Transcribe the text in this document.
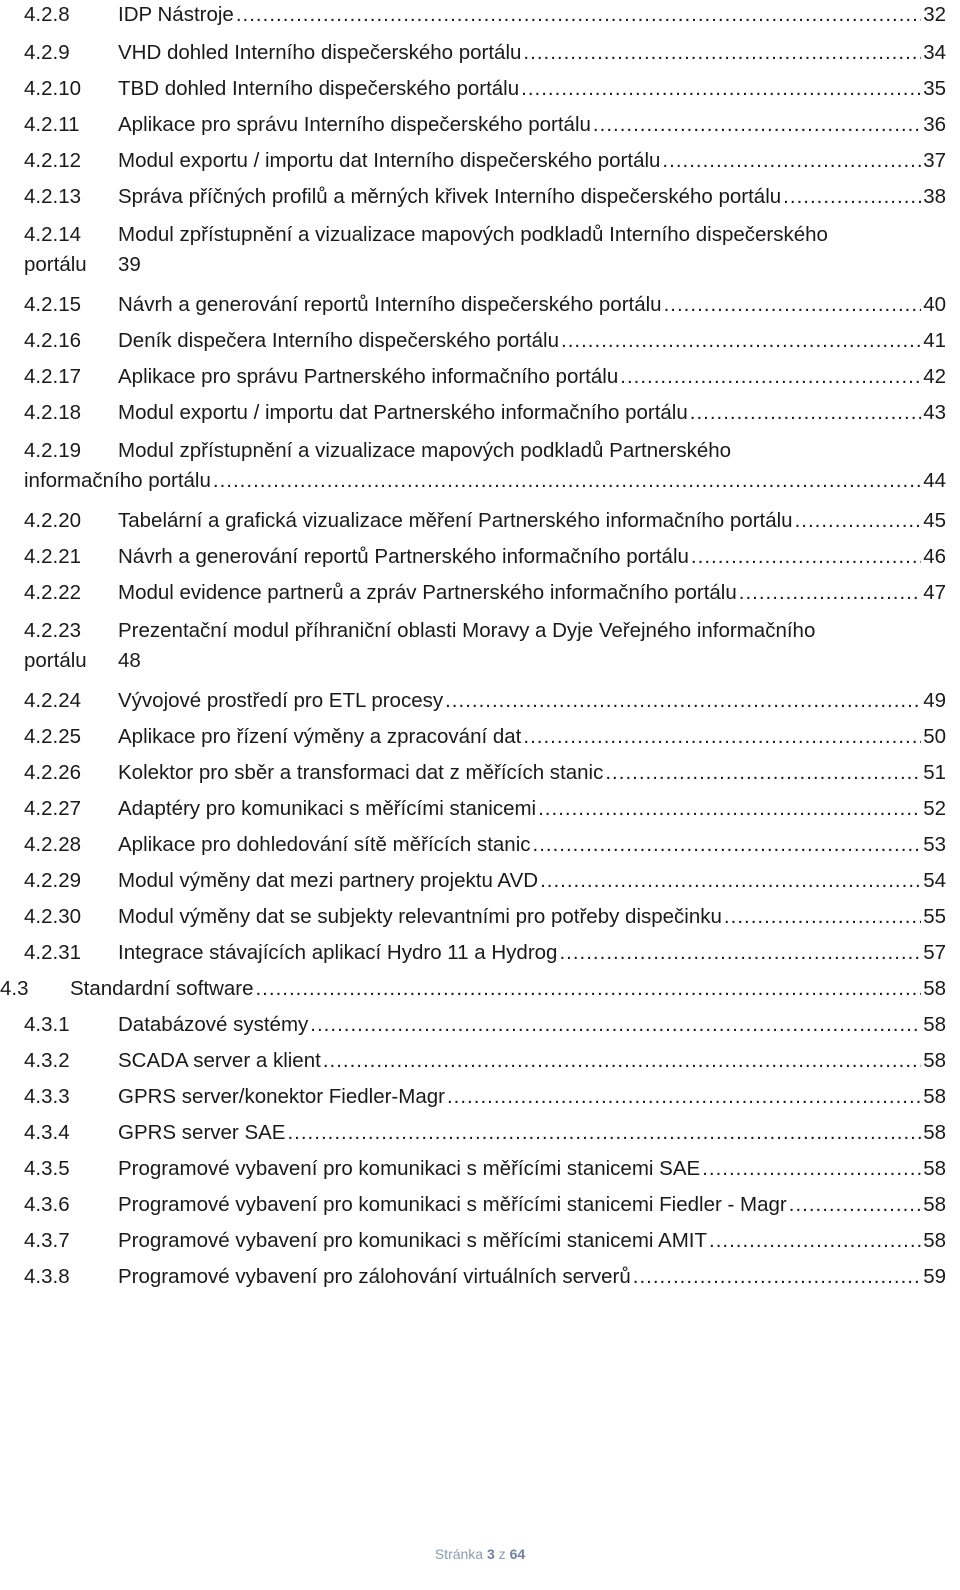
4.2.8 IDP Nástroje .....	32
4.2.9 VHD dohled Interního dispečerského portálu .....	34
4.2.10 TBD dohled Interního dispečerského portálu .....	35
4.2.11 Aplikace pro správu Interního dispečerského portálu .....	36
4.2.12 Modul exportu / importu dat Interního dispečerského portálu .....	37
4.2.13 Správa příčných profilů a měrných křivek Interního dispečerského portálu .....	38
4.2.14 Modul zpřístupnění a vizualizace mapových podkladů Interního dispečerského
portálu 39
4.2.15 Návrh a generování reportů Interního dispečerského portálu .....	40
4.2.16 Deník dispečera Interního dispečerského portálu .....	41
4.2.17 Aplikace pro správu Partnerského informačního portálu .....	42
4.2.18 Modul exportu / importu dat Partnerského informačního portálu .....	43
4.2.19 Modul zpřístupnění a vizualizace mapových podkladů Partnerského
informačního portálu .....	44
4.2.20 Tabelární a grafická vizualizace měření Partnerského informačního portálu .....	45
4.2.21 Návrh a generování reportů Partnerského informačního portálu .....	46
4.2.22 Modul evidence partnerů a zpráv Partnerského informačního portálu .....	47
4.2.23 Prezentační modul příhraniční oblasti Moravy a Dyje Veřejného informačního
portálu 48
4.2.24 Vývojové prostředí pro ETL procesy .....	49
4.2.25 Aplikace pro řízení výměny a zpracování dat .....	50
4.2.26 Kolektor pro sběr a transformaci dat z měřících stanic .....	51
4.2.27 Adaptéry pro komunikaci s měřícími stanicemi .....	52
4.2.28 Aplikace pro dohledování sítě měřících stanic .....	53
4.2.29 Modul výměny dat mezi partnery projektu AVD .....	54
4.2.30 Modul výměny dat se subjekty relevantními pro potřeby dispečinku .....	55
4.2.31 Integrace stávajících aplikací Hydro 11 a Hydrog .....	57
4.3 Standardní software .....	58
4.3.1 Databázové systémy .....	58
4.3.2 SCADA server a klient .....	58
4.3.3 GPRS server/konektor Fiedler-Magr .....	58
4.3.4 GPRS server SAE .....	58
4.3.5 Programové vybavení pro komunikaci s měřícími stanicemi SAE .....	58
4.3.6 Programové vybavení pro komunikaci s měřícími stanicemi Fiedler - Magr .....	58
4.3.7 Programové vybavení pro komunikaci s měřícími stanicemi AMIT .....	58
4.3.8 Programové vybavení pro zálohování virtuálních serverů .....	59
Stránka 3 z 64
